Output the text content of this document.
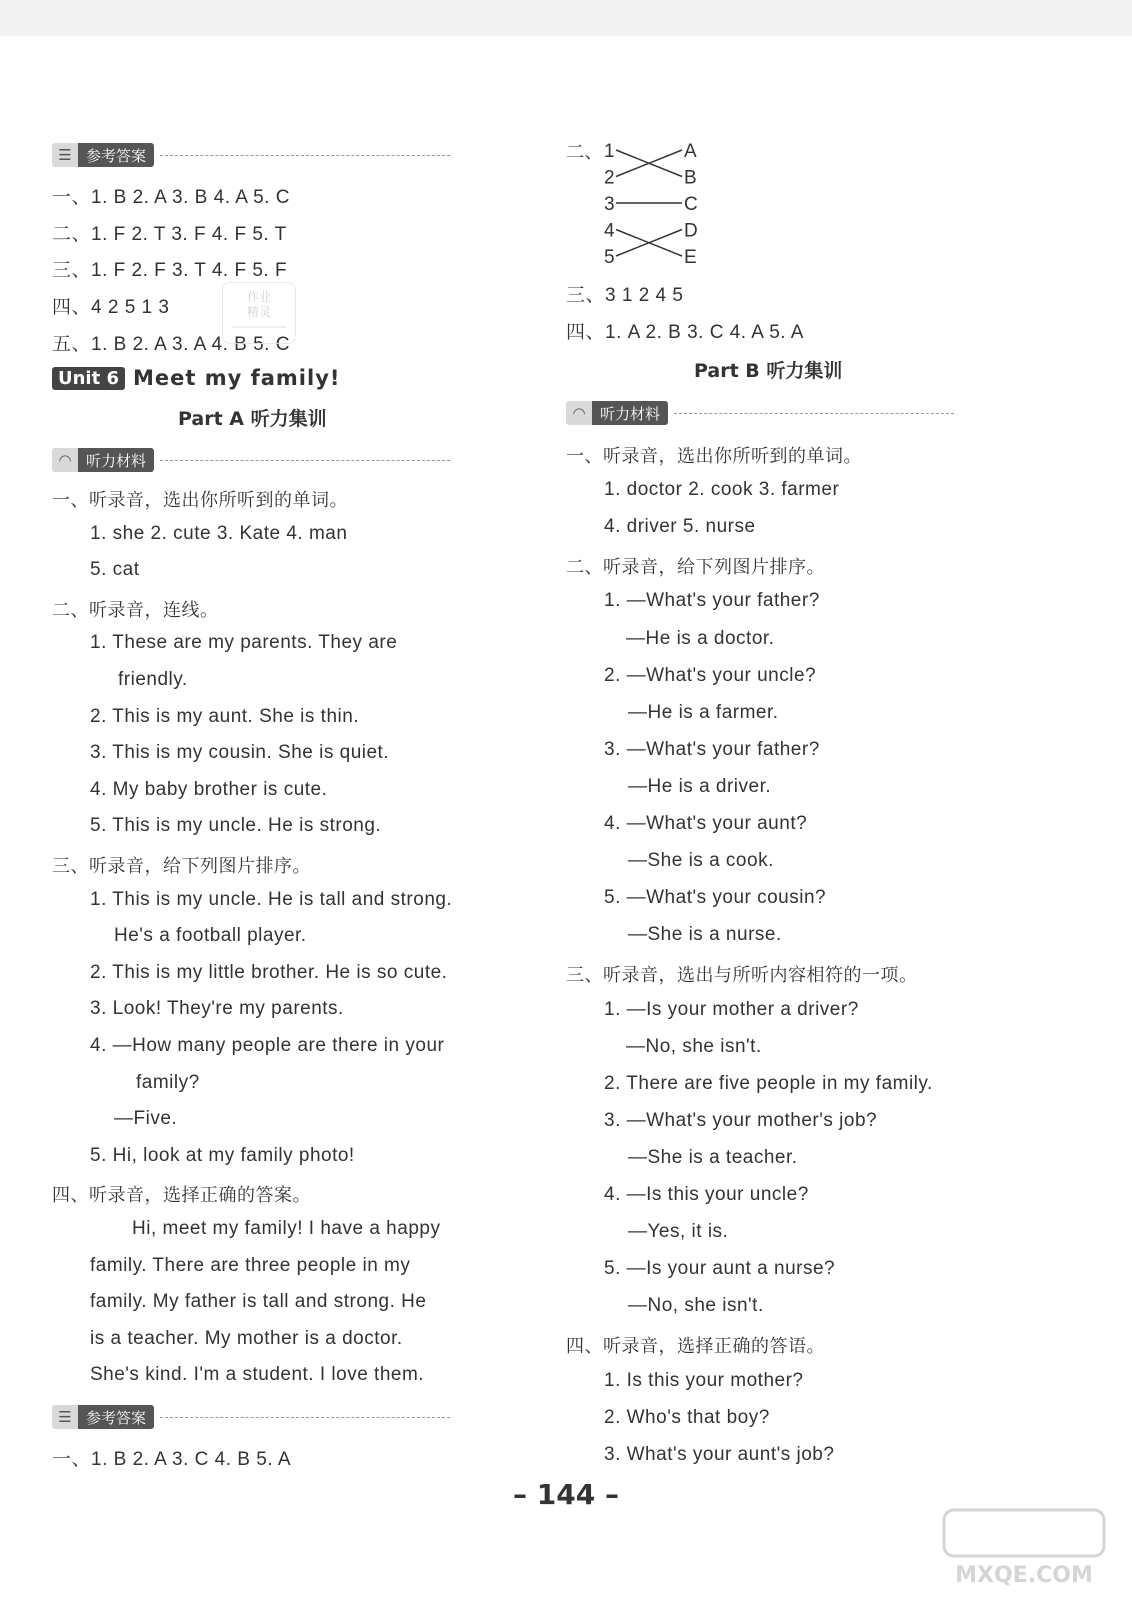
☰ 参考答案
一、1. B 2. A 3. B 4. A 5. C
二、1. F 2. T 3. F 4. F 5. T
三、1. F 2. F 3. T 4. F 5. F
四、4 2 5 1 3
五、1. B 2. A 3. A 4. B 5. C
Unit 6 Meet my family!
Part A 听力集训
◠ 听力材料
一、听录音，选出你所听到的单词。
1. she 2. cute 3. Kate 4. man
5. cat
二、听录音，连线。
1. These are my parents. They are
friendly.
2. This is my aunt. She is thin.
3. This is my cousin. She is quiet.
4. My baby brother is cute.
5. This is my uncle. He is strong.
三、听录音，给下列图片排序。
1. This is my uncle. He is tall and strong.
He's a football player.
2. This is my little brother. He is so cute.
3. Look! They're my parents.
4. —How many people are there in your
family?
—Five.
5. Hi, look at my family photo!
四、听录音，选择正确的答案。
Hi, meet my family! I have a happy
family. There are three people in my
family. My father is tall and strong. He
is a teacher. My mother is a doctor.
She's kind. I'm a student. I love them.
☰ 参考答案
一、1. B 2. A 3. C 4. B 5. A
作业
精灵
二、 1
2
3
4
5
A
B
C
D
E
三、3 1 2 4 5
四、1. A 2. B 3. C 4. A 5. A
Part B 听力集训
◠ 听力材料
一、听录音，选出你所听到的单词。
1. doctor 2. cook 3. farmer
4. driver 5. nurse
二、听录音，给下列图片排序。
1. —What's your father?
—He is a doctor.
2. —What's your uncle?
—He is a farmer.
3. —What's your father?
—He is a driver.
4. —What's your aunt?
—She is a cook.
5. —What's your cousin?
—She is a nurse.
三、听录音，选出与所听内容相符的一项。
1. —Is your mother a driver?
—No, she isn't.
2. There are five people in my family.
3. —What's your mother's job?
—She is a teacher.
4. —Is this your uncle?
—Yes, it is.
5. —Is your aunt a nurse?
—No, she isn't.
四、听录音，选择正确的答语。
1. Is this your mother?
2. Who's that boy?
3. What's your aunt's job?
– 144 –
MXQE.COM
